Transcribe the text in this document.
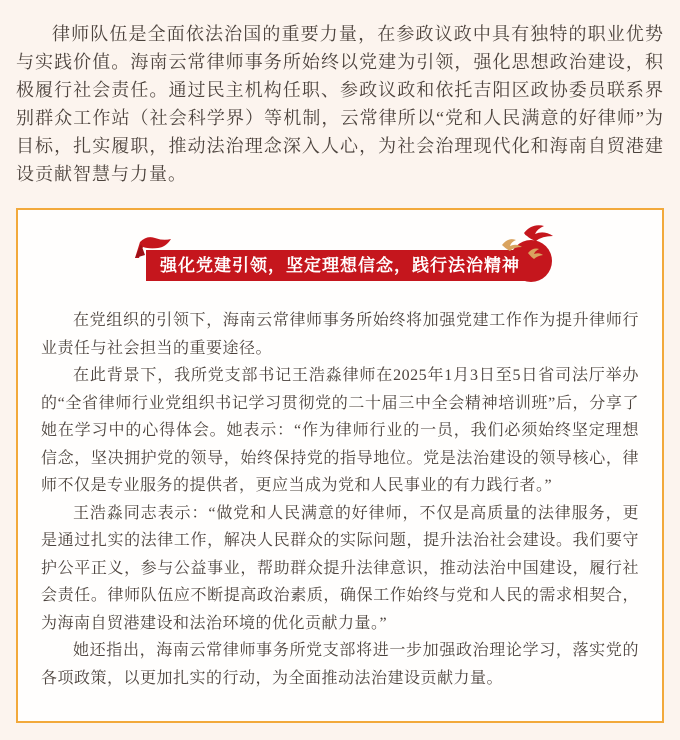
律师队伍是全面依法治国的重要力量，在参政议政中具有独特的职业优势与实践价值。海南云常律师事务所始终以党建为引领，强化思想政治建设，积极履行社会责任。通过民主机构任职、参政议政和依托吉阳区政协委员联系界别群众工作站（社会科学界）等机制，云常律所以“党和人民满意的好律师”为目标，扎实履职，推动法治理念深入人心，为社会治理现代化和海南自贸港建设贡献智慧与力量。

强化党建引领，坚定理想信念，践行法治精神

在党组织的引领下，海南云常律师事务所始终将加强党建工作作为提升律师行业责任与社会担当的重要途径。

在此背景下，我所党支部书记王浩淼律师在2025年1月3日至5日省司法厅举办的“全省律师行业党组织书记学习贯彻党的二十届三中全会精神培训班”后，分享了她在学习中的心得体会。她表示：“作为律师行业的一员，我们必须始终坚定理想信念，坚决拥护党的领导，始终保持党的指导地位。党是法治建设的领导核心，律师不仅是专业服务的提供者，更应当成为党和人民事业的有力践行者。”

王浩淼同志表示：“做党和人民满意的好律师，不仅是高质量的法律服务，更是通过扎实的法律工作，解决人民群众的实际问题，提升法治社会建设。我们要守护公平正义，参与公益事业，帮助群众提升法律意识，推动法治中国建设，履行社会责任。律师队伍应不断提高政治素质，确保工作始终与党和人民的需求相契合，为海南自贸港建设和法治环境的优化贡献力量。”

她还指出，海南云常律师事务所党支部将进一步加强政治理论学习，落实党的各项政策，以更加扎实的行动，为全面推动法治建设贡献力量。
